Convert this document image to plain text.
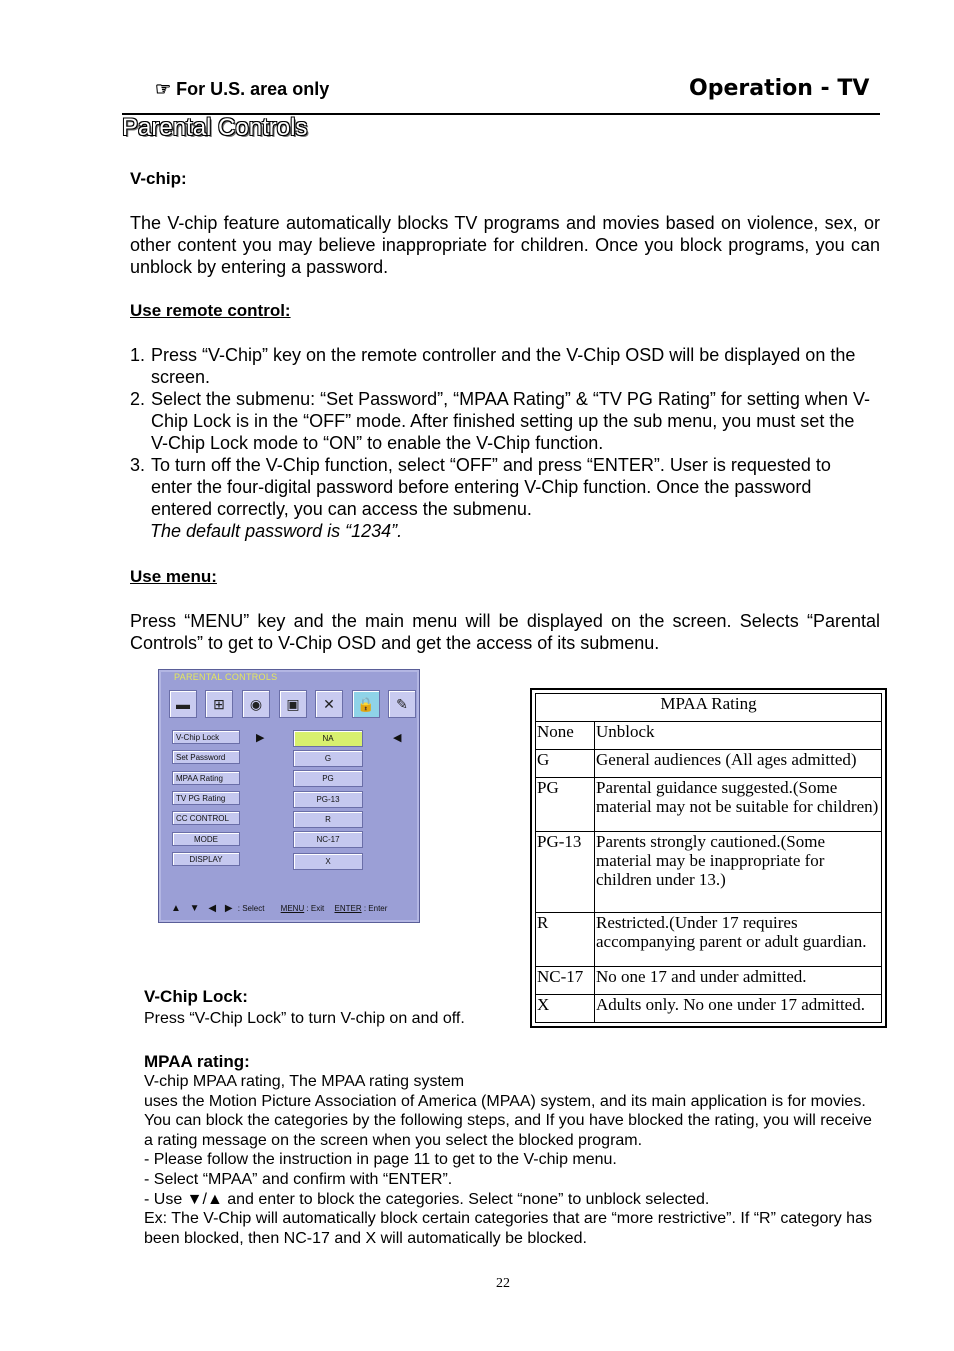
☞ For U.S. area only	Operation - TV
Parental Controls
V-chip:
The V-chip feature automatically blocks TV programs and movies based on violence, sex, or other content you may believe inappropriate for children. Once you block programs, you can unblock by entering a password.
Use remote control:
1. Press “V-Chip” key on the remote controller and the V-Chip OSD will be displayed on the screen.
2. Select the submenu: “Set Password”, “MPAA Rating” & “TV PG Rating” for setting when V-Chip Lock is in the “OFF” mode. After finished setting up the sub menu, you must set the V-Chip Lock mode to “ON” to enable the V-Chip function.
3. To turn off the V-Chip function, select “OFF” and press “ENTER”. User is requested to enter the four-digital password before entering V-Chip function. Once the password entered correctly, you can access the submenu.
The default password is “1234”.
Use menu:
Press “MENU” key and the main menu will be displayed on the screen. Selects “Parental Controls” to get to V-Chip OSD and get the access of its submenu.
PARENTAL CONTROLS
▬	⊞	◉	▣	✕	🔒	✎
V-Chip Lock
Set Password
MPAA Rating
TV PG Rating
CC CONTROL
MODE
DISPLAY
▶	◀
NA
G
PG
PG-13
R
NC-17
X
▲ ▼ ◀ ▶ : Select MENU : Exit ENTER : Enter
MPAA Rating	
None	Unblock
G	General audiences (All ages admitted)
PG	Parental guidance suggested.(Some material may not be suitable for children)
PG-13	Parents strongly cautioned.(Some material may be inappropriate for children under 13.)
R	Restricted.(Under 17 requires accompanying parent or adult guardian.
NC-17	No one 17 and under admitted.
X	Adults only. No one under 17 admitted.
V-Chip Lock:
Press “V-Chip Lock” to turn V-chip on and off.
MPAA rating:
V-chip MPAA rating, The MPAA rating system
uses the Motion Picture Association of America (MPAA) system, and its main application is for movies. You can block the categories by the following steps, and If you have blocked the rating, you will receive a rating message on the screen when you select the blocked program.
- Please follow the instruction in page 11 to get to the V-chip menu.
- Select “MPAA” and confirm with “ENTER”.
- Use ▼/▲ and enter to block the categories. Select “none” to unblock selected.
Ex: The V-Chip will automatically block certain categories that are “more restrictive”. If “R” category has been blocked, then NC-17 and X will automatically be blocked.
22
